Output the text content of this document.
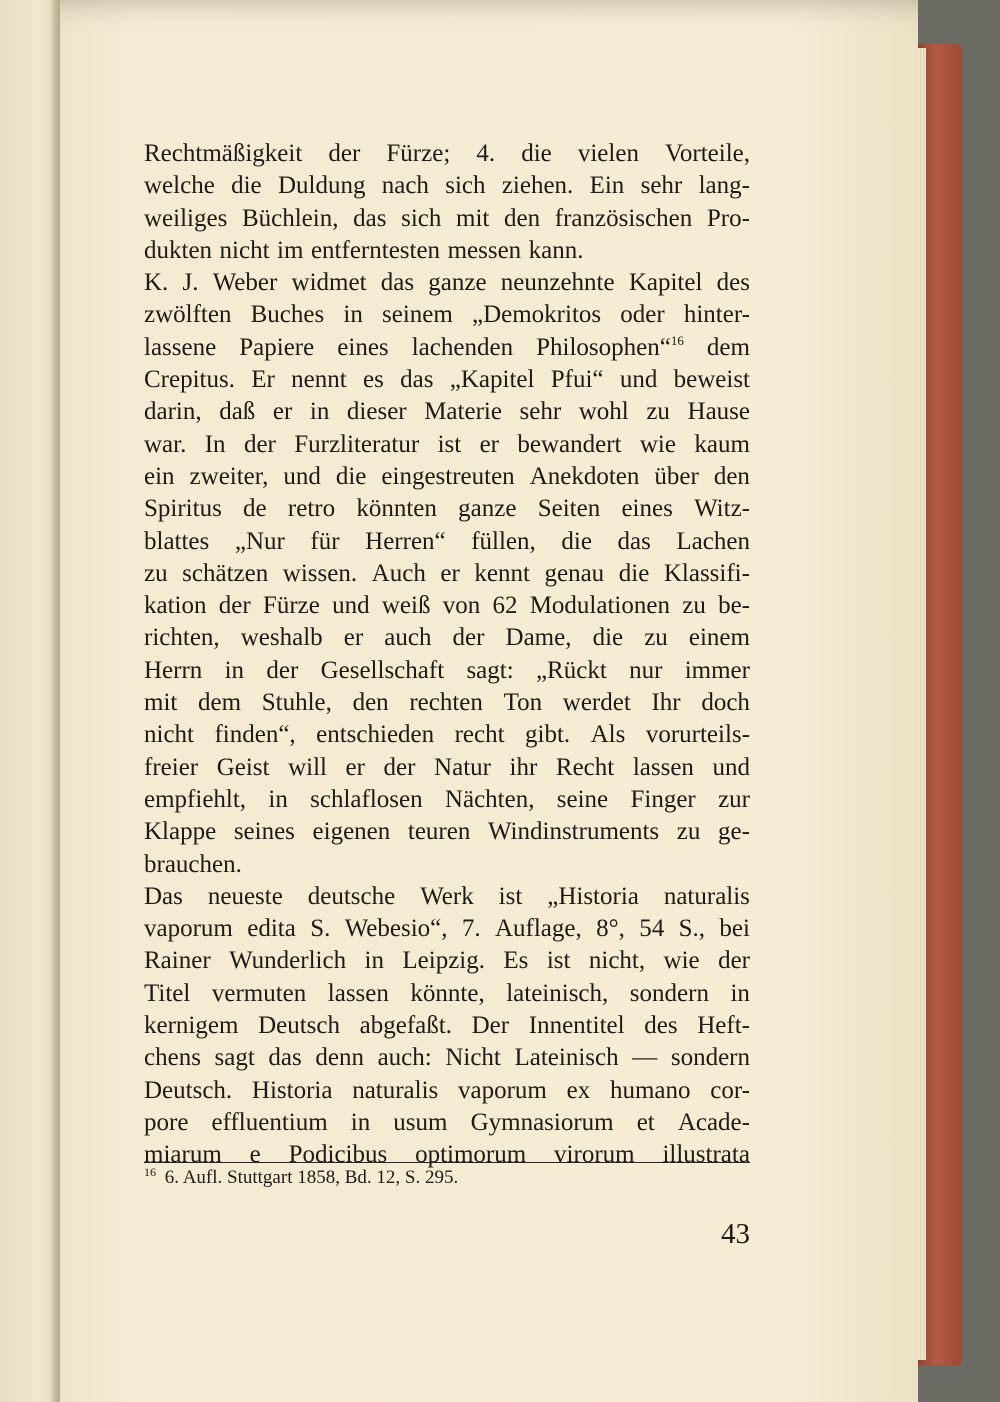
Rechtmäßigkeit der Fürze; 4. die vielen Vorteile,
welche die Duldung nach sich ziehen. Ein sehr lang-
weiliges Büchlein, das sich mit den französischen Pro-
dukten nicht im entferntesten messen kann.
K. J. Weber widmet das ganze neunzehnte Kapitel des
zwölften Buches in seinem „Demokritos oder hinter-
lassene Papiere eines lachenden Philosophen“16 dem
Crepitus. Er nennt es das „Kapitel Pfui“ und beweist
darin, daß er in dieser Materie sehr wohl zu Hause
war. In der Furzliteratur ist er bewandert wie kaum
ein zweiter, und die eingestreuten Anekdoten über den
Spiritus de retro könnten ganze Seiten eines Witz-
blattes „Nur für Herren“ füllen, die das Lachen
zu schätzen wissen. Auch er kennt genau die Klassifi-
kation der Fürze und weiß von 62 Modulationen zu be-
richten, weshalb er auch der Dame, die zu einem
Herrn in der Gesellschaft sagt: „Rückt nur immer
mit dem Stuhle, den rechten Ton werdet Ihr doch
nicht finden“, entschieden recht gibt. Als vorurteils-
freier Geist will er der Natur ihr Recht lassen und
empfiehlt, in schlaflosen Nächten, seine Finger zur
Klappe seines eigenen teuren Windinstruments zu ge-
brauchen.
Das neueste deutsche Werk ist „Historia naturalis
vaporum edita S. Webesio“, 7. Auflage, 8°, 54 S., bei
Rainer Wunderlich in Leipzig. Es ist nicht, wie der
Titel vermuten lassen könnte, lateinisch, sondern in
kernigem Deutsch abgefaßt. Der Innentitel des Heft-
chens sagt das denn auch: Nicht Lateinisch — sondern
Deutsch. Historia naturalis vaporum ex humano cor-
pore effluentium in usum Gymnasiorum et Acade-
miarum e Podicibus optimorum virorum illustrata
$^{16}$ 6. Aufl. Stuttgart 1858, Bd. 12, S. 295.
43
